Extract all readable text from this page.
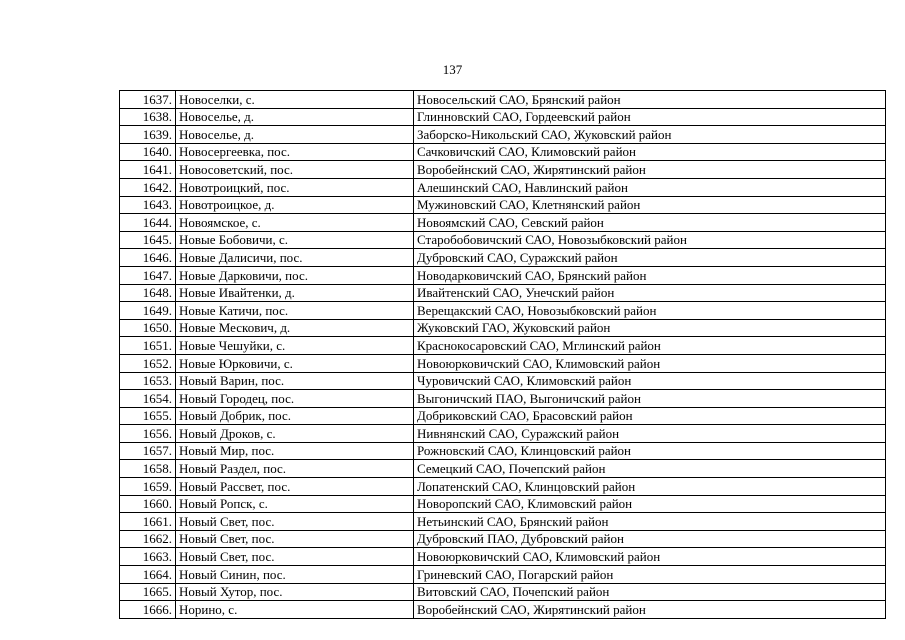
137
1637.	Новоселки, с.	Новосельский САО, Брянский район
1638.	Новоселье, д.	Глинновский САО, Гордеевский район
1639.	Новоселье, д.	Заборско-Никольский САО, Жуковский район
1640.	Новосергеевка, пос.	Сачковичский САО, Климовский район
1641.	Новосоветский, пос.	Воробейнский САО, Жирятинский район
1642.	Новотроицкий, пос.	Алешинский САО, Навлинский район
1643.	Новотроицкое, д.	Мужиновский САО, Клетнянский район
1644.	Новоямское, с.	Новоямский САО, Севский район
1645.	Новые Бобовичи, с.	Старобобовичский САО, Новозыбковский район
1646.	Новые Далисичи, пос.	Дубровский САО, Суражский район
1647.	Новые Дарковичи, пос.	Новодарковичский САО, Брянский район
1648.	Новые Ивайтенки, д.	Ивайтенский САО, Унечский район
1649.	Новые Катичи, пос.	Верещакский САО, Новозыбковский район
1650.	Новые Мескович, д.	Жуковский ГАО, Жуковский район
1651.	Новые Чешуйки, с.	Краснокосаровский САО, Мглинский район
1652.	Новые Юрковичи, с.	Новоюрковичский САО, Климовский район
1653.	Новый Варин, пос.	Чуровичский САО, Климовский район
1654.	Новый Городец, пос.	Выгоничский ПАО, Выгоничский район
1655.	Новый Добрик, пос.	Добриковский САО, Брасовский район
1656.	Новый Дроков, с.	Нивнянский САО, Суражский район
1657.	Новый Мир, пос.	Рожновский САО, Клинцовский район
1658.	Новый Раздел, пос.	Семецкий САО, Почепский район
1659.	Новый Рассвет, пос.	Лопатенский САО, Клинцовский район
1660.	Новый Ропск, с.	Новоропский САО, Климовский район
1661.	Новый Свет, пос.	Нетьинский САО, Брянский район
1662.	Новый Свет, пос.	Дубровский ПАО, Дубровский район
1663.	Новый Свет, пос.	Новоюрковичский САО, Климовский район
1664.	Новый Синин, пос.	Гриневский САО, Погарский район
1665.	Новый Хутор, пос.	Витовский САО, Почепский район
1666.	Норино, с.	Воробейнский САО, Жирятинский район
